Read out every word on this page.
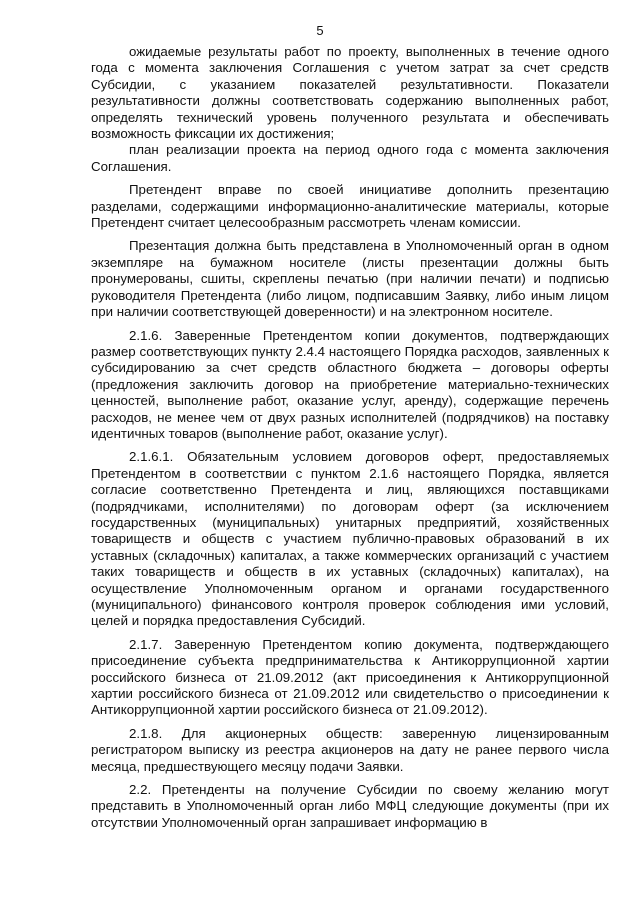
5

ожидаемые результаты работ по проекту, выполненных в течение одного года с момента заключения Соглашения с учетом затрат за счет средств Субсидии, с указанием показателей результативности. Показатели результативности должны соответствовать содержанию выполненных работ, определять технический уровень полученного результата и обеспечивать возможность фиксации их достижения;

план реализации проекта на период одного года с момента заключения Соглашения.

Претендент вправе по своей инициативе дополнить презентацию разделами, содержащими информационно-аналитические материалы, которые Претендент считает целесообразным рассмотреть членам комиссии.

Презентация должна быть представлена в Уполномоченный орган в одном экземпляре на бумажном носителе (листы презентации должны быть пронумерованы, сшиты, скреплены печатью (при наличии печати) и подписью руководителя Претендента (либо лицом, подписавшим Заявку, либо иным лицом при наличии соответствующей доверенности) и на электронном носителе.

2.1.6. Заверенные Претендентом копии документов, подтверждающих размер соответствующих пункту 2.4.4 настоящего Порядка расходов, заявленных к субсидированию за счет средств областного бюджета – договоры оферты (предложения заключить договор на приобретение материально-технических ценностей, выполнение работ, оказание услуг, аренду), содержащие перечень расходов, не менее чем от двух разных исполнителей (подрядчиков) на поставку идентичных товаров (выполнение работ, оказание услуг).

2.1.6.1. Обязательным условием договоров оферт, предоставляемых Претендентом в соответствии с пунктом 2.1.6 настоящего Порядка, является согласие соответственно Претендента и лиц, являющихся поставщиками (подрядчиками, исполнителями) по договорам оферт (за исключением государственных (муниципальных) унитарных предприятий, хозяйственных товариществ и обществ с участием публично-правовых образований в их уставных (складочных) капиталах, а также коммерческих организаций с участием таких товариществ и обществ в их уставных (складочных) капиталах), на осуществление Уполномоченным органом и органами государственного (муниципального) финансового контроля проверок соблюдения ими условий, целей и порядка предоставления Субсидий.

2.1.7. Заверенную Претендентом копию документа, подтверждающего присоединение субъекта предпринимательства к Антикоррупционной хартии российского бизнеса от 21.09.2012 (акт присоединения к Антикоррупционной хартии российского бизнеса от 21.09.2012 или свидетельство о присоединении к Антикоррупционной хартии российского бизнеса от 21.09.2012).

2.1.8. Для акционерных обществ: заверенную лицензированным регистратором выписку из реестра акционеров на дату не ранее первого числа месяца, предшествующего месяцу подачи Заявки.

2.2. Претенденты на получение Субсидии по своему желанию могут представить в Уполномоченный орган либо МФЦ следующие документы (при их отсутствии Уполномоченный орган запрашивает информацию в
